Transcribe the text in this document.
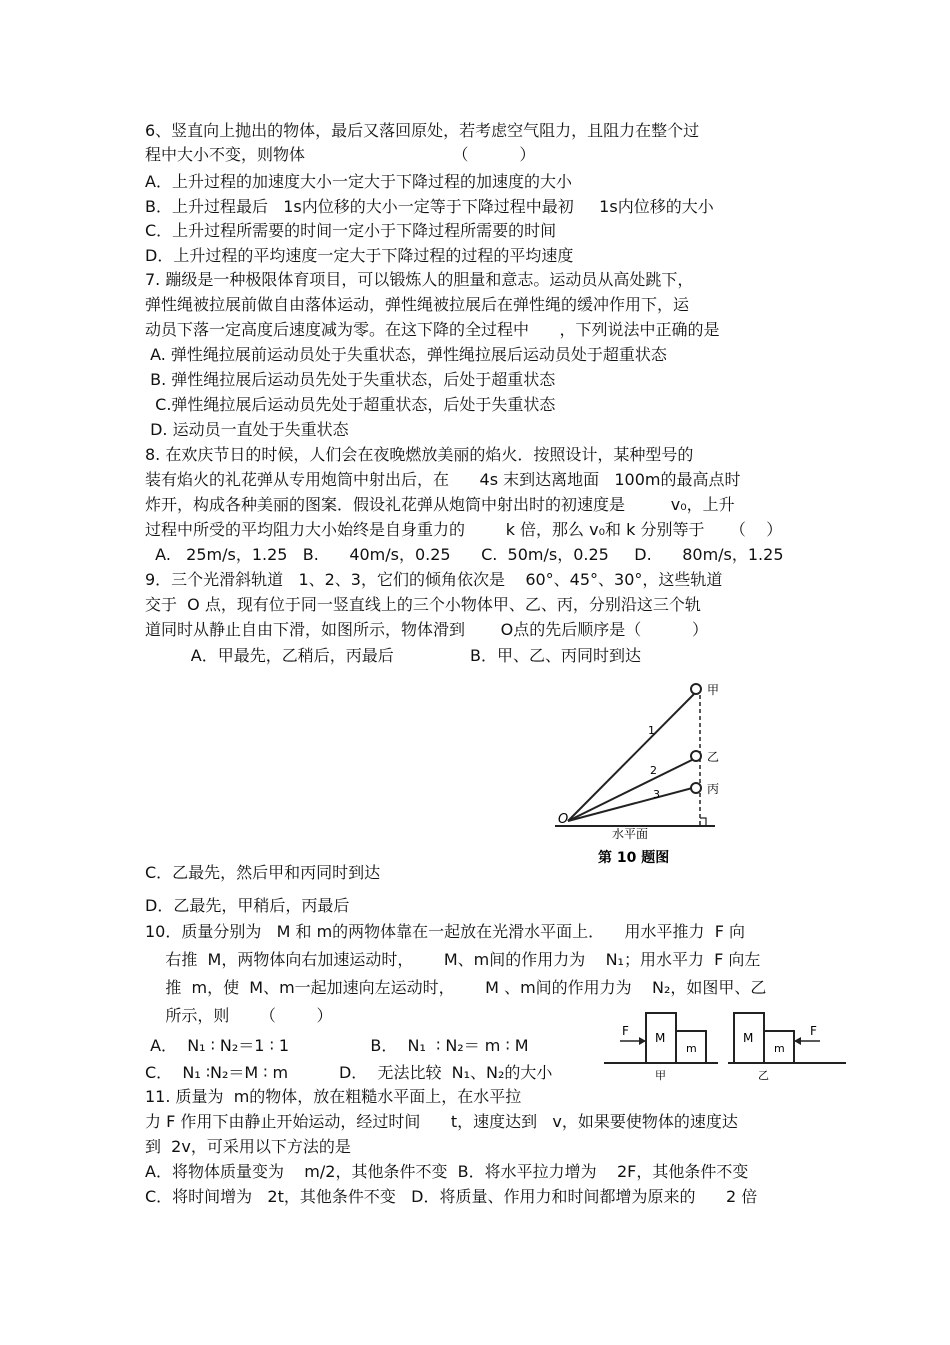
6、竖直向上抛出的物体，最后又落回原处，若考虑空气阻力，且阻力在整个过
程中大小不变，则物体                             （          ）
A．上升过程的加速度大小一定大于下降过程的加速度的大小
B．上升过程最后   1s内位移的大小一定等于下降过程中最初     1s内位移的大小
C．上升过程所需要的时间一定小于下降过程所需要的时间
D．上升过程的平均速度一定大于下降过程的过程的平均速度
7. 蹦级是一种极限体育项目，可以锻炼人的胆量和意志。运动员从高处跳下，
弹性绳被拉展前做自由落体运动，弹性绳被拉展后在弹性绳的缓冲作用下，运
动员下落一定高度后速度减为零。在这下降的全过程中      ，下列说法中正确的是
A. 弹性绳拉展前运动员处于失重状态，弹性绳拉展后运动员处于超重状态
B. 弹性绳拉展后运动员先处于失重状态，后处于超重状态
C.弹性绳拉展后运动员先处于超重状态，后处于失重状态
D. 运动员一直处于失重状态
8. 在欢庆节日的时候，人们会在夜晚燃放美丽的焰火．按照设计，某种型号的
装有焰火的礼花弹从专用炮筒中射出后，在      4s 末到达离地面   100m的最高点时
炸开，构成各种美丽的图案．假设礼花弹从炮筒中射出时的初速度是         v₀，上升
过程中所受的平均阻力大小始终是自身重力的        k 倍，那么 v₀和 k 分别等于     （    ）
A.   25m/s，1.25   B.      40m/s，0.25      C.  50m/s，0.25     D.      80m/s，1.25
9．三个光滑斜轨道   1、2、3，它们的倾角依次是    60°、45°、30°，这些轨道
交于  O 点，现有位于同一竖直线上的三个小物体甲、乙、丙，分别沿这三个轨
道同时从静止自由下滑，如图所示，物体滑到       O点的先后顺序是（          ）
A．甲最先，乙稍后，丙最后               B．甲、乙、丙同时到达
甲
乙
丙
1
2
3
O
水平面
第 10 题图
C．乙最先，然后甲和丙同时到达
D．乙最先，甲稍后，丙最后
10．质量分别为   M 和 m的两物体靠在一起放在光滑水平面上．    用水平推力  F 向
右推  M，两物体向右加速运动时，      M、m间的作用力为    N₁；用水平力  F 向左
推  m，使  M、m一起加速向左运动时，      M 、m间的作用力为    N₂，如图甲、乙
所示，则      （        ）
A．  N₁ ∶ N₂＝1 ∶ 1                B．  N₁  ∶ N₂＝ m ∶ M
C．  N₁ ∶N₂＝M ∶ m          D．  无法比较  N₁、N₂的大小
F M
m
甲
F
M
m
乙
11. 质量为  m的物体，放在粗糙水平面上，在水平拉
力 F 作用下由静止开始运动，经过时间      t，速度达到   v，如果要使物体的速度达
到  2v，可采用以下方法的是
A．将物体质量变为    m/2，其他条件不变  B．将水平拉力增为    2F，其他条件不变
C．将时间增为   2t，其他条件不变   D．将质量、作用力和时间都增为原来的      2 倍
